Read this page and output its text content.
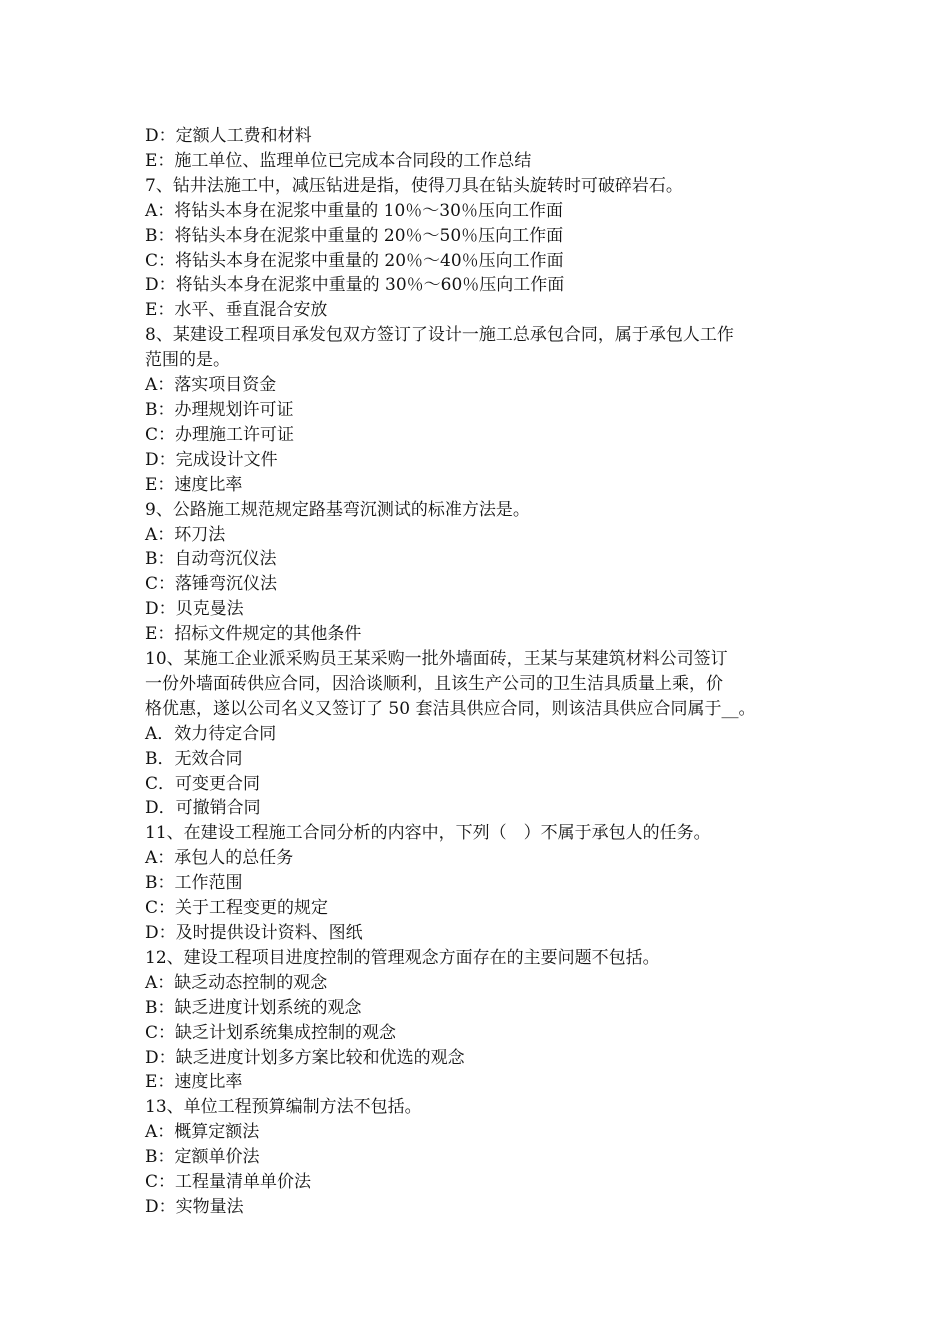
D：定额人工费和材料
E：施工单位、监理单位已完成本合同段的工作总结
7、钻井法施工中，减压钻进是指，使得刀具在钻头旋转时可破碎岩石。
A：将钻头本身在泥浆中重量的 10％～30％压向工作面
B：将钻头本身在泥浆中重量的 20％～50％压向工作面
C：将钻头本身在泥浆中重量的 20％～40％压向工作面
D：将钻头本身在泥浆中重量的 30％～60％压向工作面
E：水平、垂直混合安放
8、某建设工程项目承发包双方签订了设计一施工总承包合同，属于承包人工作
范围的是。
A：落实项目资金
B：办理规划许可证
C：办理施工许可证
D：完成设计文件
E：速度比率
9、公路施工规范规定路基弯沉测试的标准方法是。
A：环刀法
B：自动弯沉仪法
C：落锤弯沉仪法
D：贝克曼法
E：招标文件规定的其他条件
10、某施工企业派采购员王某采购一批外墙面砖，王某与某建筑材料公司签订
一份外墙面砖供应合同，因洽谈顺利，且该生产公司的卫生洁具质量上乘，价
格优惠，遂以公司名义又签订了 50 套洁具供应合同，则该洁具供应合同属于__。
A．效力待定合同
B．无效合同
C．可变更合同
D．可撤销合同
11、在建设工程施工合同分析的内容中，下列（　）不属于承包人的任务。
A：承包人的总任务
B：工作范围
C：关于工程变更的规定
D：及时提供设计资料、图纸
12、建设工程项目进度控制的管理观念方面存在的主要问题不包括。
A：缺乏动态控制的观念
B：缺乏进度计划系统的观念
C：缺乏计划系统集成控制的观念
D：缺乏进度计划多方案比较和优选的观念
E：速度比率
13、单位工程预算编制方法不包括。
A：概算定额法
B：定额单价法
C：工程量清单单价法
D：实物量法
